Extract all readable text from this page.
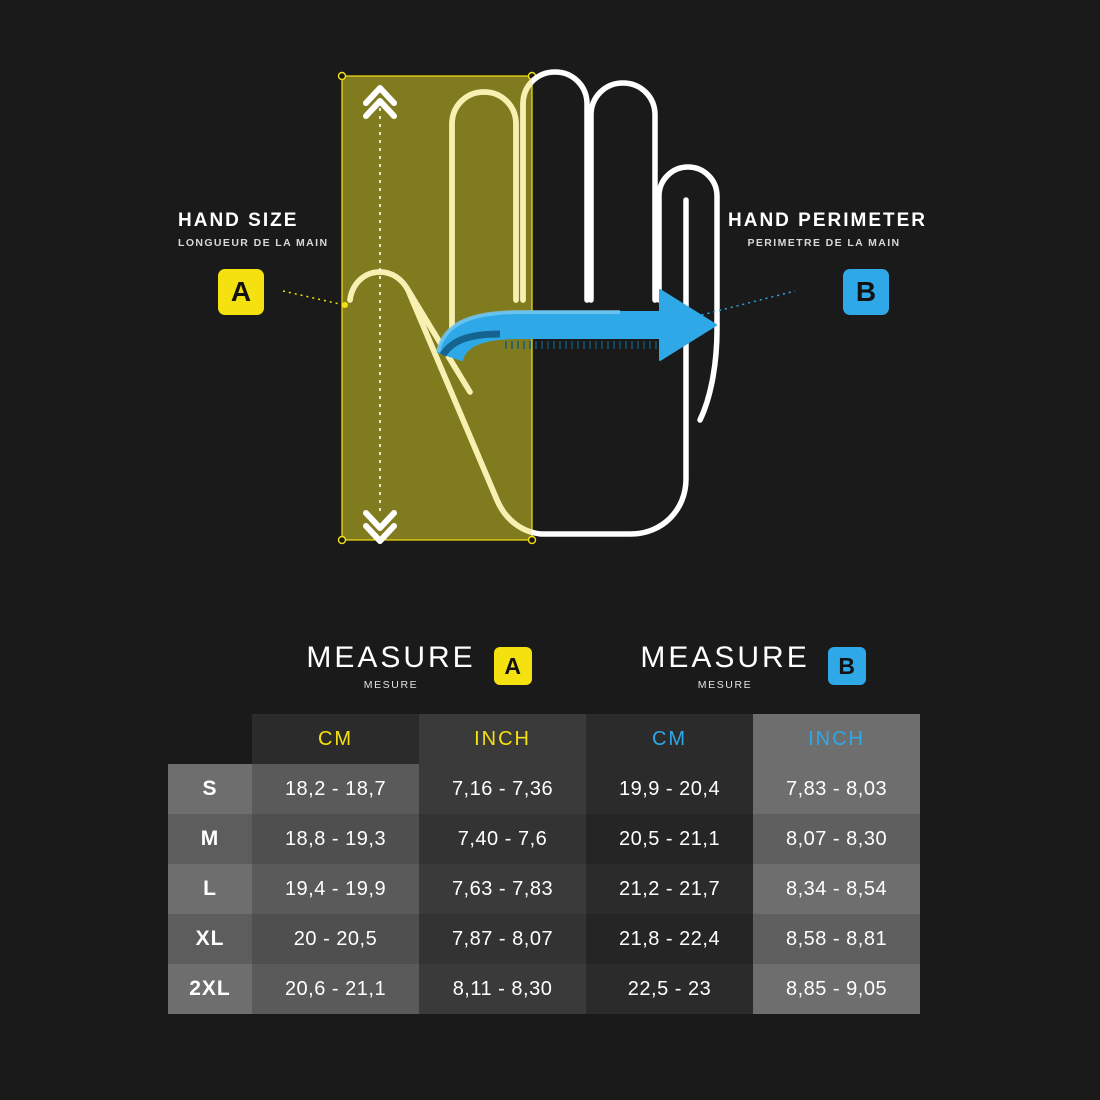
HAND SIZE
LONGUEUR DE LA MAIN
A
HAND PERIMETER
PERIMETRE DE LA MAIN
B

MEASURE
MESURE
A	MEASURE
MESURE
B

	CM	INCH	CM	INCH
S	18,2 - 18,7	7,16 - 7,36	19,9 - 20,4	7,83 - 8,03
M	18,8 - 19,3	7,40 - 7,6	20,5 - 21,1	8,07 - 8,30
L	19,4 - 19,9	7,63 - 7,83	21,2 - 21,7	8,34 - 8,54
XL	20 - 20,5	7,87 - 8,07	21,8 - 22,4	8,58 - 8,81
2XL	20,6 - 21,1	8,11 - 8,30	22,5 - 23	8,85 - 9,05
